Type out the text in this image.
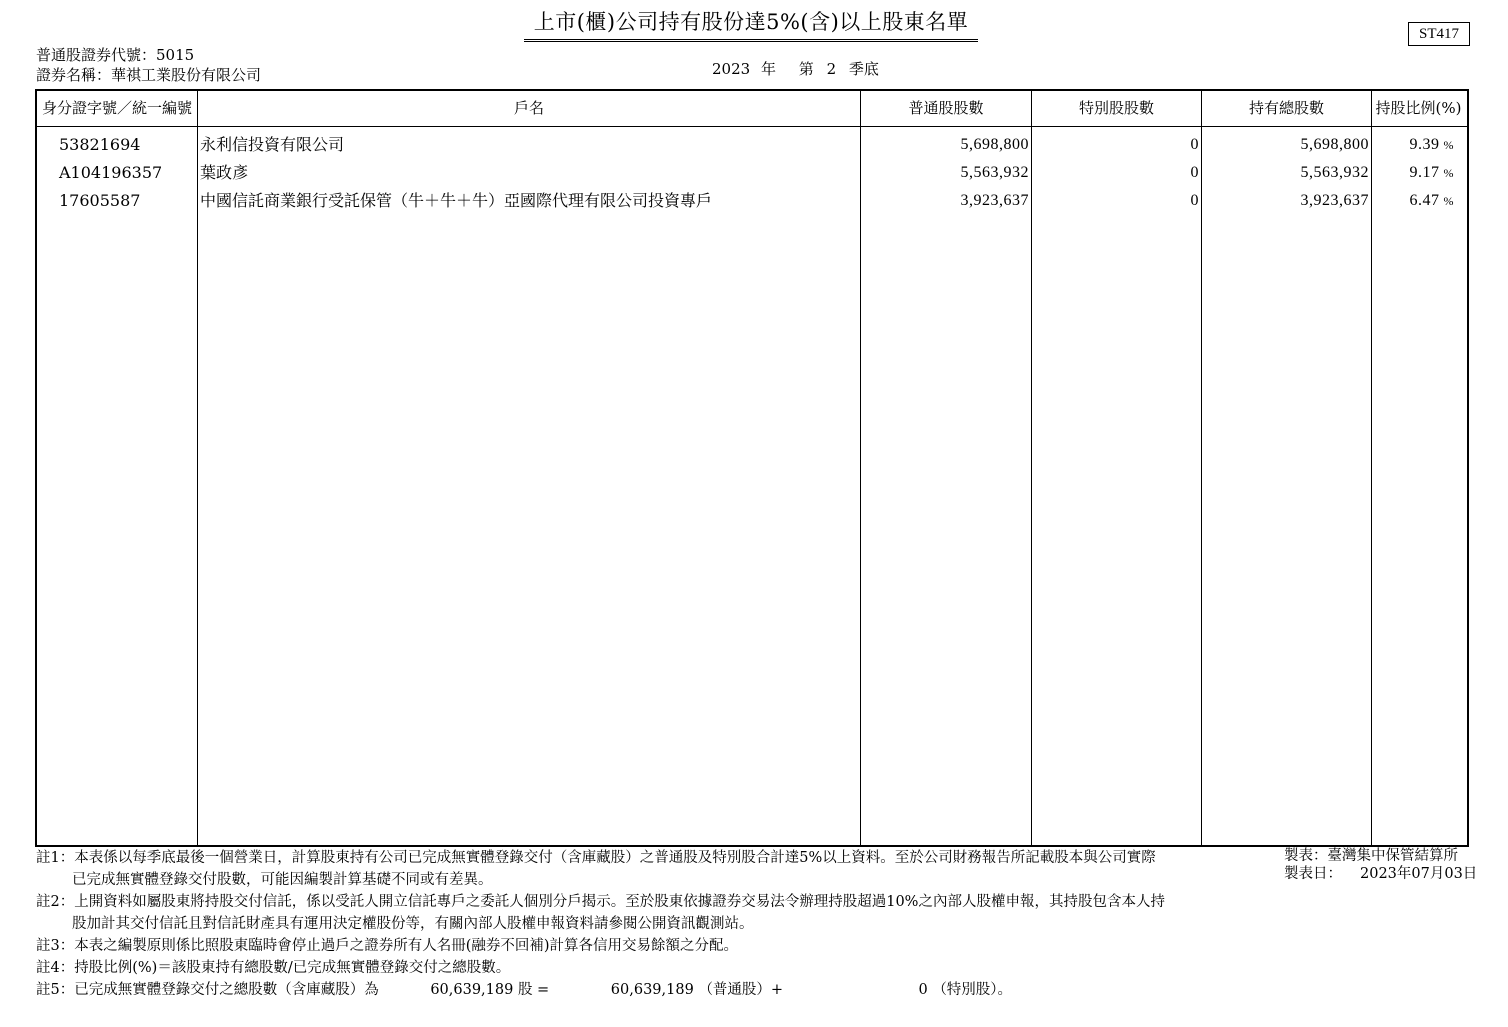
上市(櫃)公司持有股份達5%(含)以上股東名單	ST417
普通股證券代號：5015
證券名稱：華祺工業股份有限公司	2023 年 第 2 季底
身分證字號／統一編號	戶名	普通股股數	特別股股數	持有總股數	持股比例(%)
53821694	永利信投資有限公司	5,698,800	0	5,698,800	9.39 %
A104196357 葉政彥	5,563,932	0	5,563,932	9.17 %
17605587	中國信託商業銀行受託保管（牛＋牛＋牛）亞國際代理有限公司投資專戶	3,923,637	0	3,923,637	6.47 %
註1：本表係以每季底最後一個營業日，計算股東持有公司已完成無實體登錄交付（含庫藏股）之普通股及特別股合計達5%以上資料。至於公司財務報告所記載股本與公司實際
已完成無實體登錄交付股數，可能因編製計算基礎不同或有差異。
註2：上開資料如屬股東將持股交付信託，係以受託人開立信託專戶之委託人個別分戶揭示。至於股東依據證券交易法令辦理持股超過10%之內部人股權申報，其持股包含本人持
股加計其交付信託且對信託財產具有運用決定權股份等，有關內部人股權申報資料請參閱公開資訊觀測站。
註3：本表之編製原則係比照股東臨時會停止過戶之證券所有人名冊(融券不回補)計算各信用交易餘額之分配。
註4：持股比例(%)＝該股東持有總股數/已完成無實體登錄交付之總股數。
註5：已完成無實體登錄交付之總股數（含庫藏股）為	60,639,189 股 =	60,639,189 （普通股）+	0 （特別股）。
製表：臺灣集中保管結算所
製表日： 2023年07月03日
